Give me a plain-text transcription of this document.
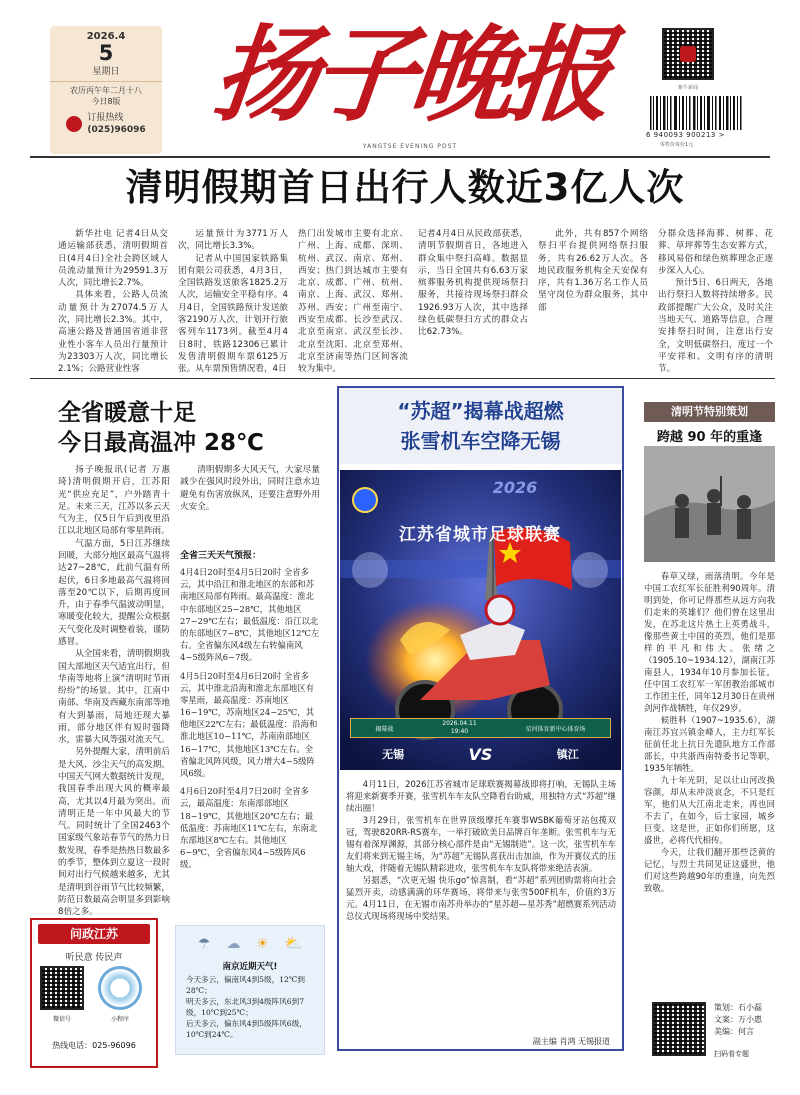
2026.4
5
星期日
农历丙午年二月十八
今日8版
订报热线
(025)96096 扬子晚报
YANGTSE EVENING POST
紫牛新闻
6 940093 900213 >
零售价每份1元
清明假期首日出行人数近3亿人次

新华社电 记者4日从交通运输部获悉，清明假期首日(4月4日)全社会跨区域人员流动量预计为29591.3万人次，同比增长2.7%。

具体来看，公路人员流动量预计为27074.5万人次，同比增长2.3%。其中，高速公路及普通国省道非营业性小客车人员出行量预计为23303万人次，同比增长2.1%；公路营业性客

运量预计为3771万人次，同比增长3.3%。

记者从中国国家铁路集团有限公司获悉，4月3日，全国铁路发送旅客1825.2万人次，运输安全平稳有序。4月4日，全国铁路预计发送旅客2190万人次，计划开行旅客列车1173列。截至4月4日8时，铁路12306已累计发售清明假期车票6125万张。从车票预售情况看，4日

热门出发城市主要有北京、广州、上海、成都、深圳、杭州、武汉、南京、郑州、西安；热门到达城市主要有北京、成都、广州、杭州、南京、上海、武汉、郑州、苏州、西安；广州至南宁、西安至成都、长沙至武汉、北京至南京、武汉至长沙、北京至沈阳、北京至郑州、北京至济南等热门区间客流较为集中。

记者4月4日从民政部获悉，清明节假期首日，各地进入群众集中祭扫高峰。数据显示，当日全国共有6.63万家殡葬服务机构提供现场祭扫服务，共接待现场祭扫群众1926.93万人次，其中选择绿色低碳祭扫方式的群众占比62.73%。

此外，共有857个网络祭扫平台提供网络祭扫服务，共有26.62万人次。各地民政服务机构全天安保有序，共有1.36万名工作人员坚守岗位为群众服务，其中部

分群众选择海葬、树葬、花葬、草坪葬等生态安葬方式，移风易俗和绿色殡葬理念正逐步深入人心。

预计5日、6日两天，各地出行祭扫人数将持续增多。民政部提醒广大公众，及时关注当地天气、道路等信息，合理安排祭扫时间，注意出行安全，文明低碳祭扫，度过一个平安祥和、文明有序的清明节。

全省暖意十足
今日最高温冲 28℃

扬子晚报讯(记者 万惠琦)清明假期开启，江苏阳光“供应充足”，户外踏青十足。未来三天，江苏以多云天气为主，仅5日午后到夜里沿江以北地区局部有零星阵雨。

气温方面，5日江苏继续回暖，大部分地区最高气温将达27~28℃，此前气温有所起伏，6日多地最高气温将回落至20℃以下，后期再度回升，由于春季气温波动明显，寒暖变化较大，提醒公众根据天气变化及时调整着装，谨防感冒。

从全国来看，清明假期我国大部地区天气适宜出行，但华南等地将上演“清明时节雨纷纷”的场景。其中，江南中南部、华南及西藏东南部等地有大到暴雨，局地还现大暴雨，部分地区伴有短时强降水，雷暴大风等强对流天气。

另外提醒大家，清明前后是大风、沙尘天气的高发期。中国天气网大数据统计发现，我国春季出现大风的概率最高，尤其以4月最为突出。而清明正是一年中风最大的节气。同时统计了全国2463个国家级气象站春节气的热力日数发现，春季是热热日数最多的季节，整体到立夏这一段时间对出行气候越来越多，尤其是清明到谷雨节气比较频繁，防范日数最高会明显多到影响8倍之多。

清明假期多大风天气，大家尽量减少在强风时段外出，同时注意水边避免有伤害放纵风，还要注意野外用火安全。

全省三天天气预报：

4月4日20时至4月5日20时 全省多云，其中沿江和淮北地区的东部和苏南地区局部有阵雨。最高温度：淮北中东部地区25~28℃，其他地区27~29℃左右；最低温度：沿江以北的东部地区7~8℃，其他地区12℃左右。全省偏东风4级左右转偏南风4~5级阵风6~7级。

4月5日20时至4月6日20时 全省多云，其中淮北沿海和淮北东部地区有零星雨，最高温度：苏南地区16~19℃，苏南地区24~25℃，其他地区22℃左右；最低温度：沿海和淮北地区10~11℃，苏南南部地区16~17℃，其他地区13℃左右。全省偏北风阵风级，风力增大4~5级阵风6级。

4月6日20时至4月7日20时 全省多云，最高温度：东南部部地区18~19℃，其他地区20℃左右；最低温度：苏南地区11℃左右，东南北东部地区8℃左右。其他地区6~9℃，全省偏东风4~5级阵风6级。

“苏超”揭幕战超燃
张雪机车空降无锡
2026
江苏省城市足球联赛
揭幕战
2026.04.11
19:40	星河体育新中心体育场
无锡	VS	镇江

4月11日，2026江苏省城市足球联赛揭幕战即将打响，无锡队主场将迎来新赛季开赛，张雪机车车友队空降看台助威，用独特方式“苏超”继续出圈！

3月29日，张雪机车在世界顶级摩托车赛事WSBK葡萄牙站包揽双冠，驾驶820RR-RS赛车，一举打破欧美日品牌百年垄断。张雪机车与无锡有着深厚渊源，其部分核心部件是由“无锡制造”。这一次，张雪机车车友们将来到无锡主场，为“苏超”无锡队喜获出击加油，作为开赛仪式的压轴大戏，伴随着无锡队精彩进攻，张雪机车车友队将带来绝活表演。

另据悉，“次更无锡 快乐go”惊喜制，看“苏超”系列团购票将向社会猛烈开卖，动感满满的环华赛场，将带来与张雪500F机车，价值约3万元。4月11日，在无锡市南苏舟举办的“星苏超—星苏秀”超燃赛系列活动总仪式现场将现场中奖结果。

副主编 肖鸿 无锡报道
清明节特别策划
跨越 90 年的重逢

春草又绿，雨落清明。今年是中国工农红军长征胜利90周年。清明到处，你可记得那些从远方向我们走来的英雄们？他们曾在这里出发，在苏北这片热土上英勇战斗，像那些黄土中国的英烈，他们是那样的平凡和伟大。张绪之（1905.10~1934.12），湖南江苏南县人，1934年10月参加长征，任中国工农红军一军团教治部城市工作团主任，同年12月30日在贵州剑河作战牺牲，年仅29岁。

候胜科（1907~1935.6），湖南江苏宜兴镇金峰人，主力红军长征前任北上抗日先遣队地方工作部部长，中共浙西南特委书记等职，1935年牺牲。

九十年光阴，足以让山河改换容颜，却从未冲淡哀念，不只是红军，他们从大江南北走来，再也回不去了，在如今，后士家园，城乡巨变。这是世，正如你们所愿，这盛世，必将代代相传。

今天，让我们翻开那些泛黄的记忆，与烈士共同见证这盛世，他们对这些跨越90年的重逢，向先烈致敬。

策划：石小磊
文案：万小惠
美编：何言
扫码看专题
问政江苏
听民意 传民声
微信号	小程序
热线电话：025-96096
☂ ☁ ☀ ⛅
南京近期天气!
今天多云，偏南风4到5级，12℃到28℃；
明天多云，东北风3到4级阵风6到7级，10℃到25℃；
后天多云，偏东风4到5级阵风6级，10℃到24℃。
